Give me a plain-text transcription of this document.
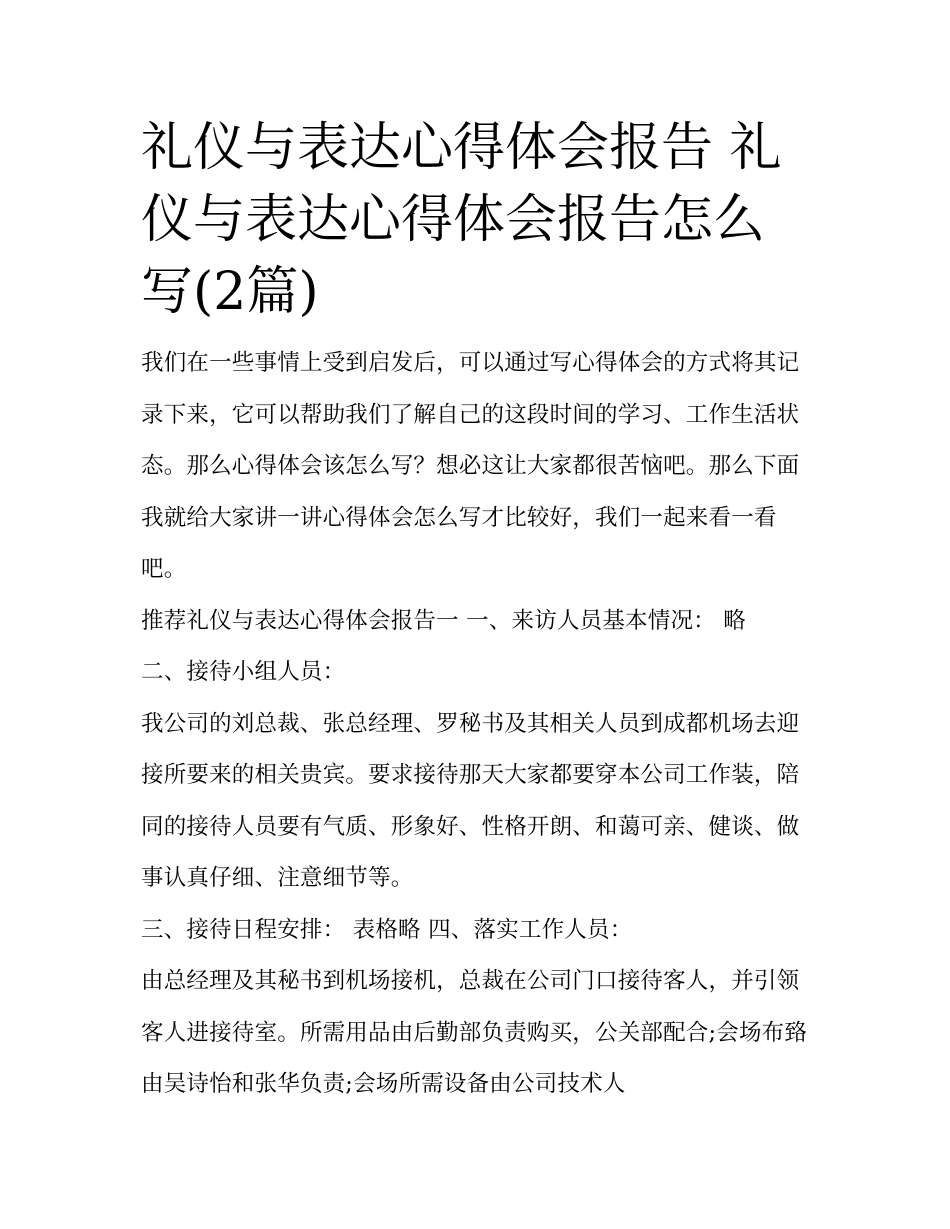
礼仪与表达心得体会报告 礼仪与表达心得体会报告怎么写(2篇)

我们在一些事情上受到启发后，可以通过写心得体会的方式将其记录下来，它可以帮助我们了解自己的这段时间的学习、工作生活状态。那么心得体会该怎么写？想必这让大家都很苦恼吧。那么下面我就给大家讲一讲心得体会怎么写才比较好，我们一起来看一看吧。

推荐礼仪与表达心得体会报告一 一、来访人员基本情况： 略

二、接待小组人员：

我公司的刘总裁、张总经理、罗秘书及其相关人员到成都机场去迎接所要来的相关贵宾。要求接待那天大家都要穿本公司工作装，陪同的接待人员要有气质、形象好、性格开朗、和蔼可亲、健谈、做事认真仔细、注意细节等。

三、接待日程安排： 表格略 四、落实工作人员：

由总经理及其秘书到机场接机，总裁在公司门口接待客人，并引领客人进接待室。所需用品由后勤部负责购买，公关部配合;会场布臵由吴诗怡和张华负责;会场所需设备由公司技术人
